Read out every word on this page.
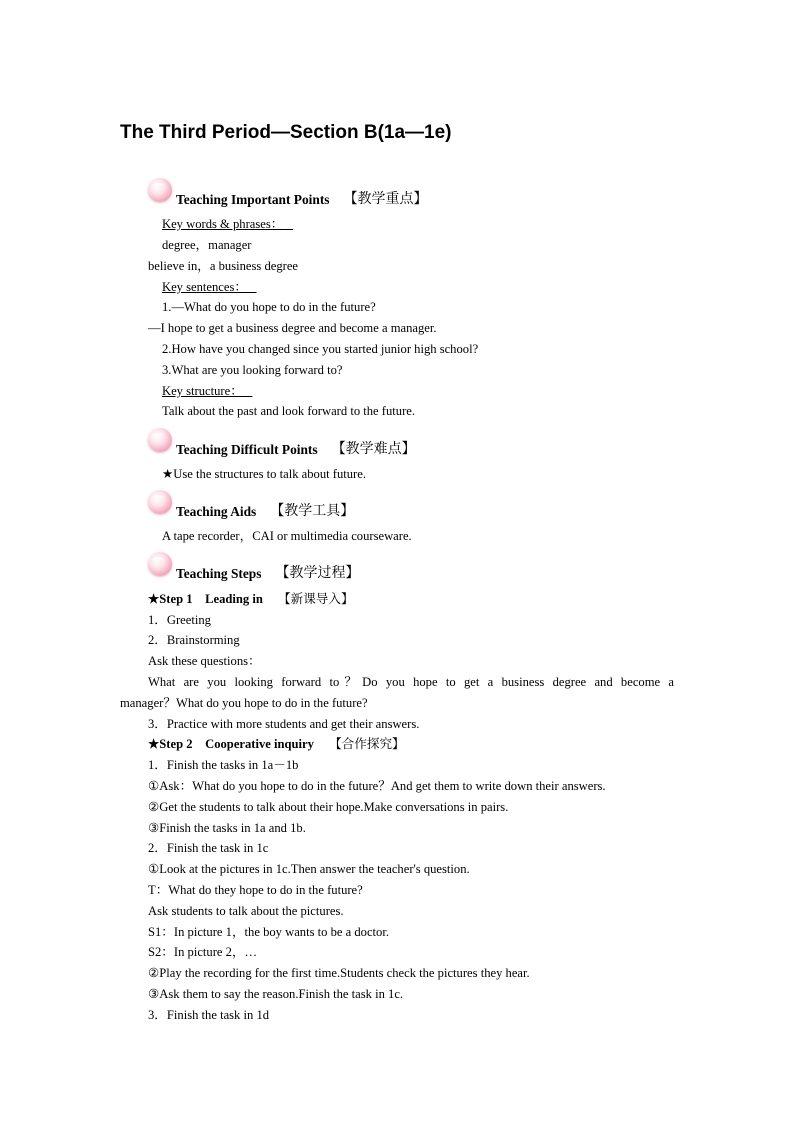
The Third Period—Section B(1a—1e)
Teaching Important Points 【教学重点】
Key words & phrases：
degree，manager
believe in，a business degree
Key sentences：
1.—What do you hope to do in the future?
—I hope to get a business degree and become a manager.
2.How have you changed since you started junior high school?
3.What are you looking forward to?
Key structure：
Talk about the past and look forward to the future.
Teaching Difficult Points 【教学难点】
★Use the structures to talk about future.
Teaching Aids 【教学工具】
A tape recorder，CAI or multimedia courseware.
Teaching Steps 【教学过程】
★Step 1　Leading in 【新课导入】
1．Greeting
2．Brainstorming
Ask these questions：
What are you looking forward to？Do you hope to get a business degree and become a
manager？What do you hope to do in the future?
3．Practice with more students and get their answers.
★Step 2　Cooperative inquiry 【合作探究】
1．Finish the tasks in 1a－1b
①Ask：What do you hope to do in the future？And get them to write down their answers.
②Get the students to talk about their hope.Make conversations in pairs.
③Finish the tasks in 1a and 1b.
2．Finish the task in 1c
①Look at the pictures in 1c.Then answer the teacher's question.
T：What do they hope to do in the future?
Ask students to talk about the pictures.
S1：In picture 1，the boy wants to be a doctor.
S2：In picture 2，…
②Play the recording for the first time.Students check the pictures they hear.
③Ask them to say the reason.Finish the task in 1c.
3．Finish the task in 1d
